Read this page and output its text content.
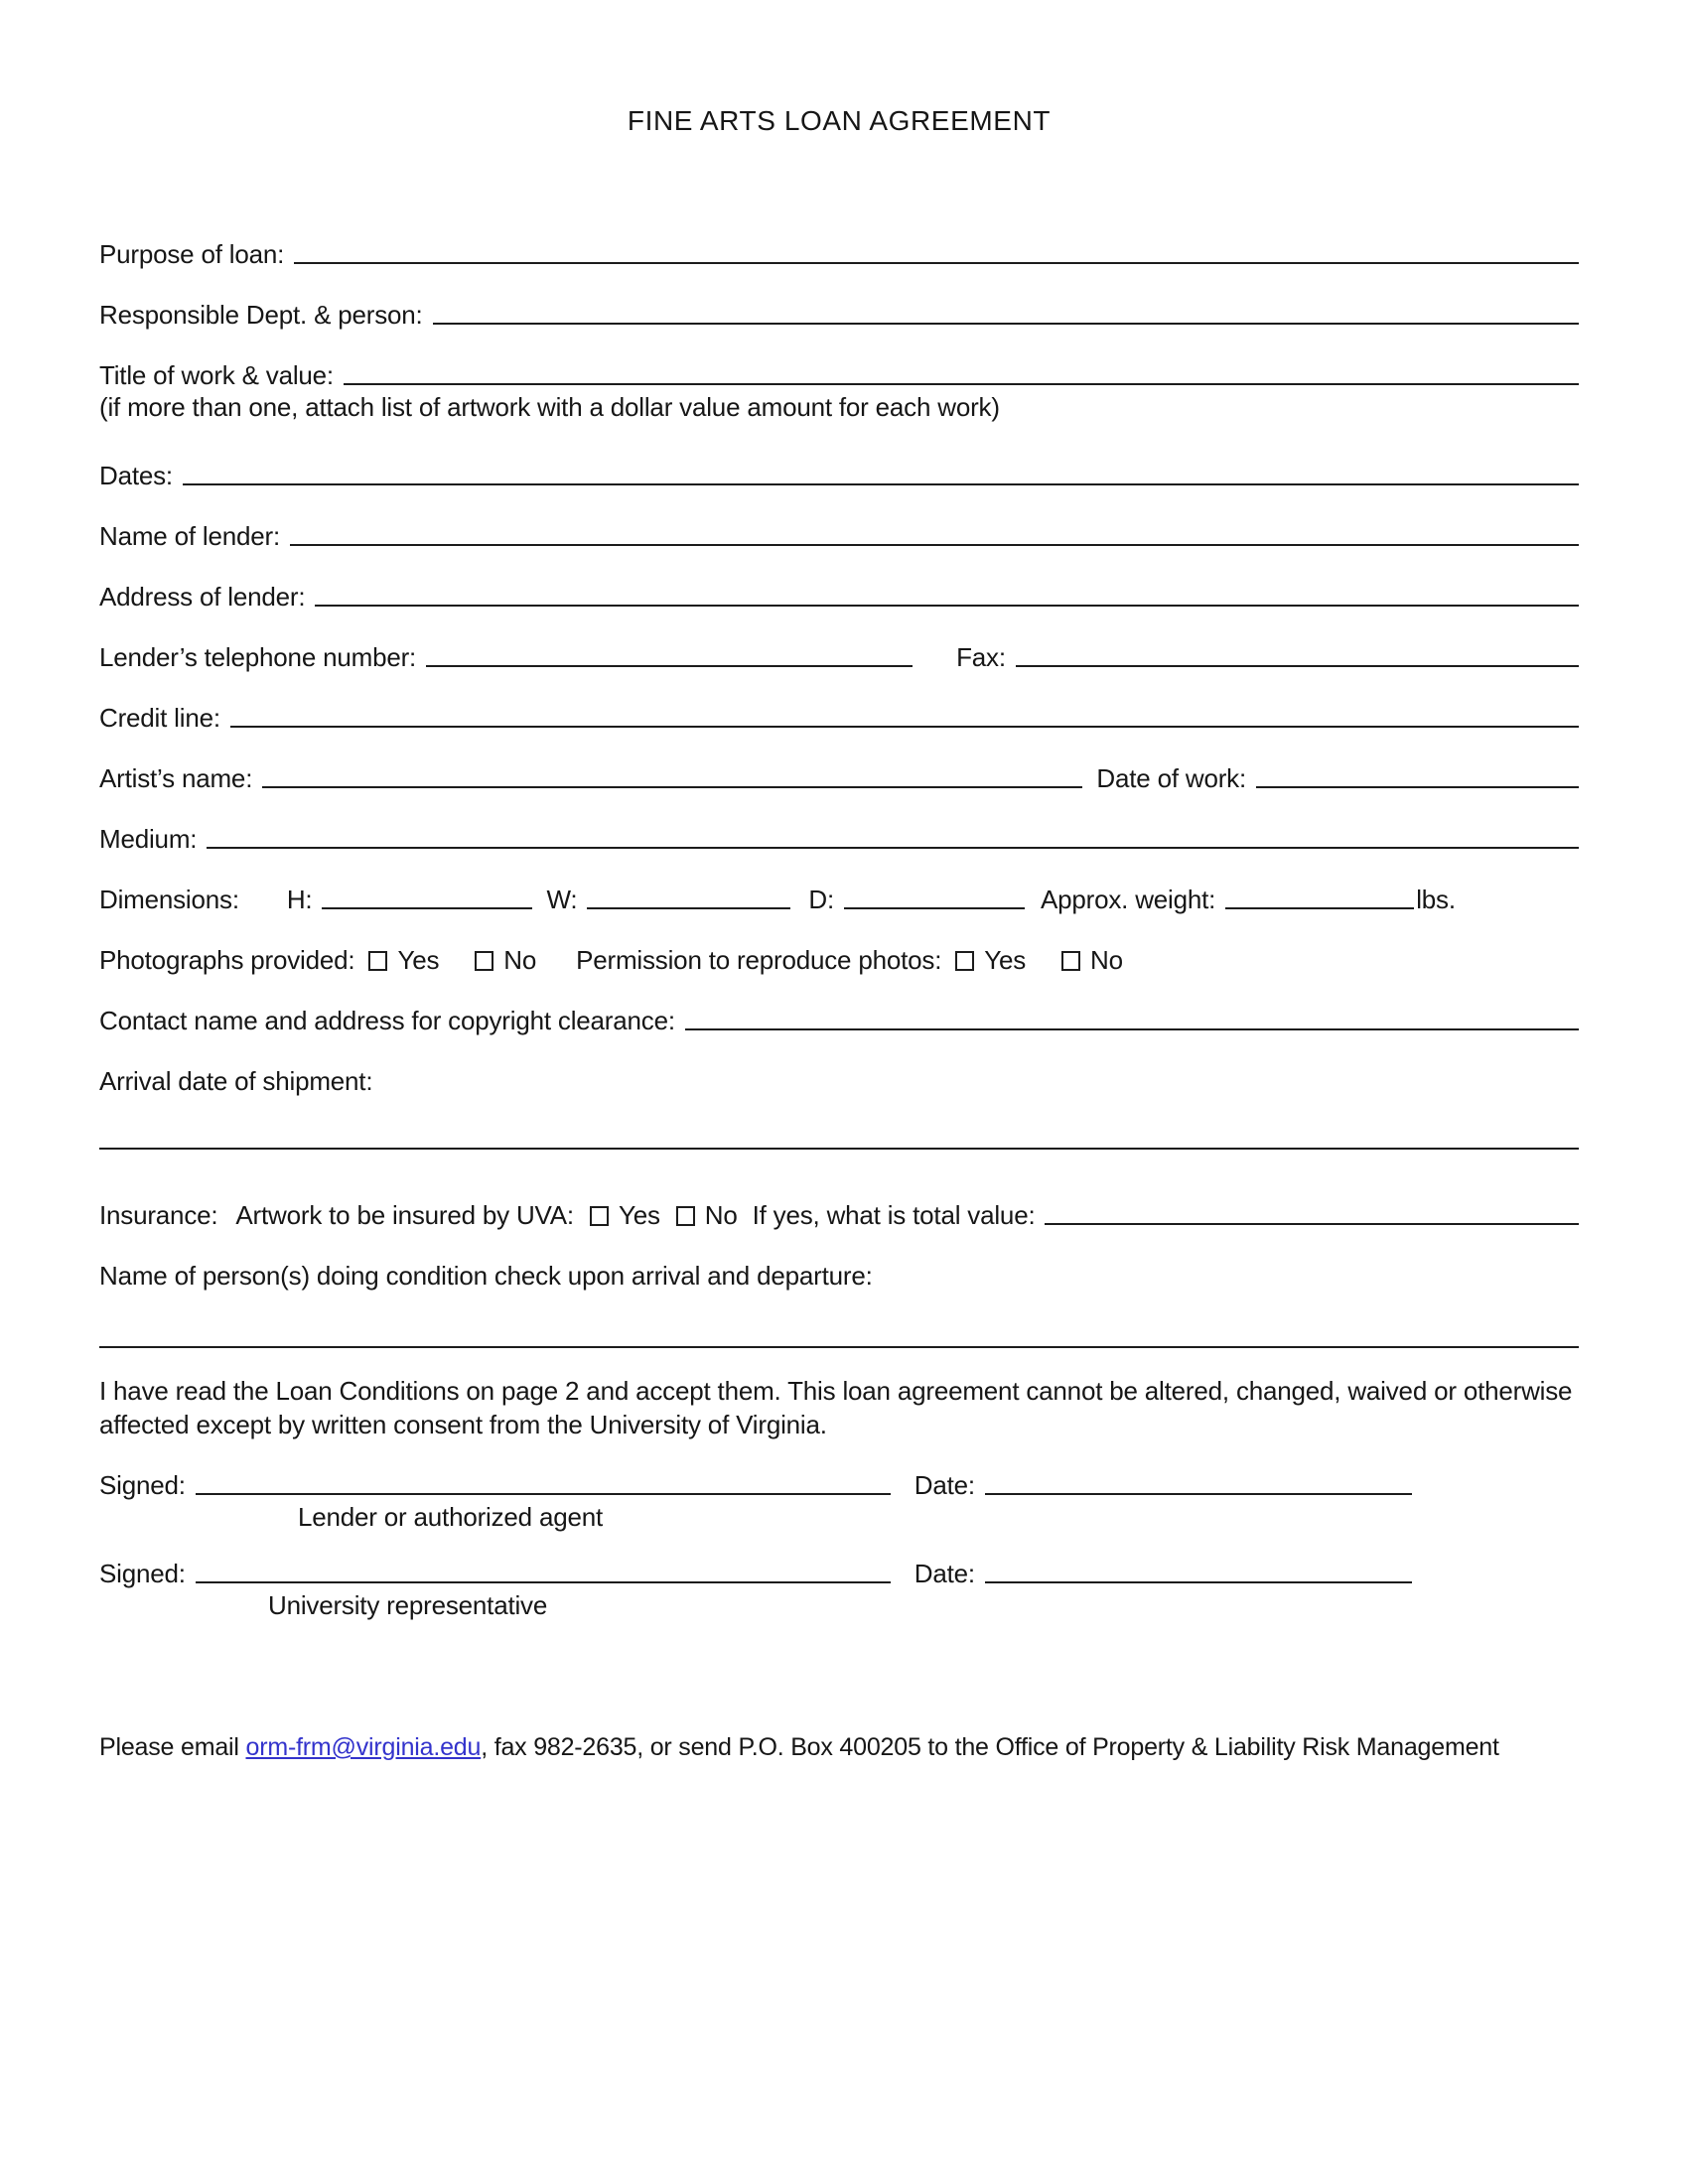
FINE ARTS LOAN AGREEMENT
Purpose of loan:
Responsible Dept. & person:
Title of work & value:
(if more than one, attach list of artwork with a dollar value amount for each work)
Dates:
Name of lender:
Address of lender:
Lender’s telephone number:	Fax:
Credit line:
Artist’s name:	Date of work:
Medium:
Dimensions: H:	W:	D:	Approx. weight:	lbs.
Photographs provided: Yes	No Permission to reproduce photos: Yes	No
Contact name and address for copyright clearance:
Arrival date of shipment:
Insurance: Artwork to be insured by UVA: Yes No If yes, what is total value:
Name of person(s) doing condition check upon arrival and departure:

I have read the Loan Conditions on page 2 and accept them. This loan agreement cannot be altered, changed, waived or otherwise affected except by written consent from the University of Virginia.

Signed:	Date:
Lender or authorized agent
Signed:	Date:
University representative

Please email orm-frm@virginia.edu, fax 982-2635, or send P.O. Box 400205 to the Office of Property & Liability Risk Management
